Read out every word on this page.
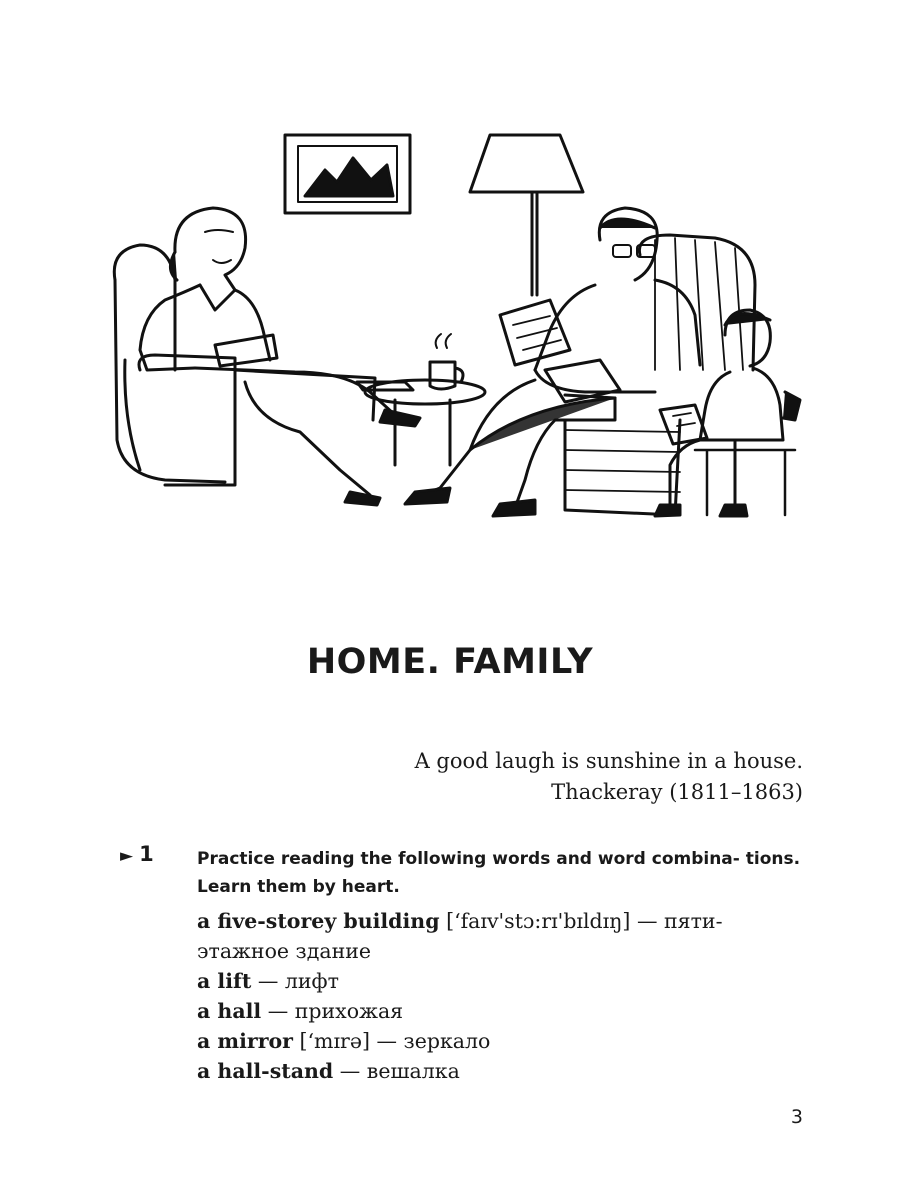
HOME. FAMILY
A good laugh is sunshine in a house.
Thackeray (1811–1863)
► 1	Practice reading the following words and word combina- tions. Learn them by heart.
a five-storey building [‘faɪv'stɔ:rɪ'bɪldɪŋ] — пяти-этажное здание
a lift — лифт
a hall — прихожая
a mirror [‘mɪrə] — зеркало
a hall-stand — вешалка
3
